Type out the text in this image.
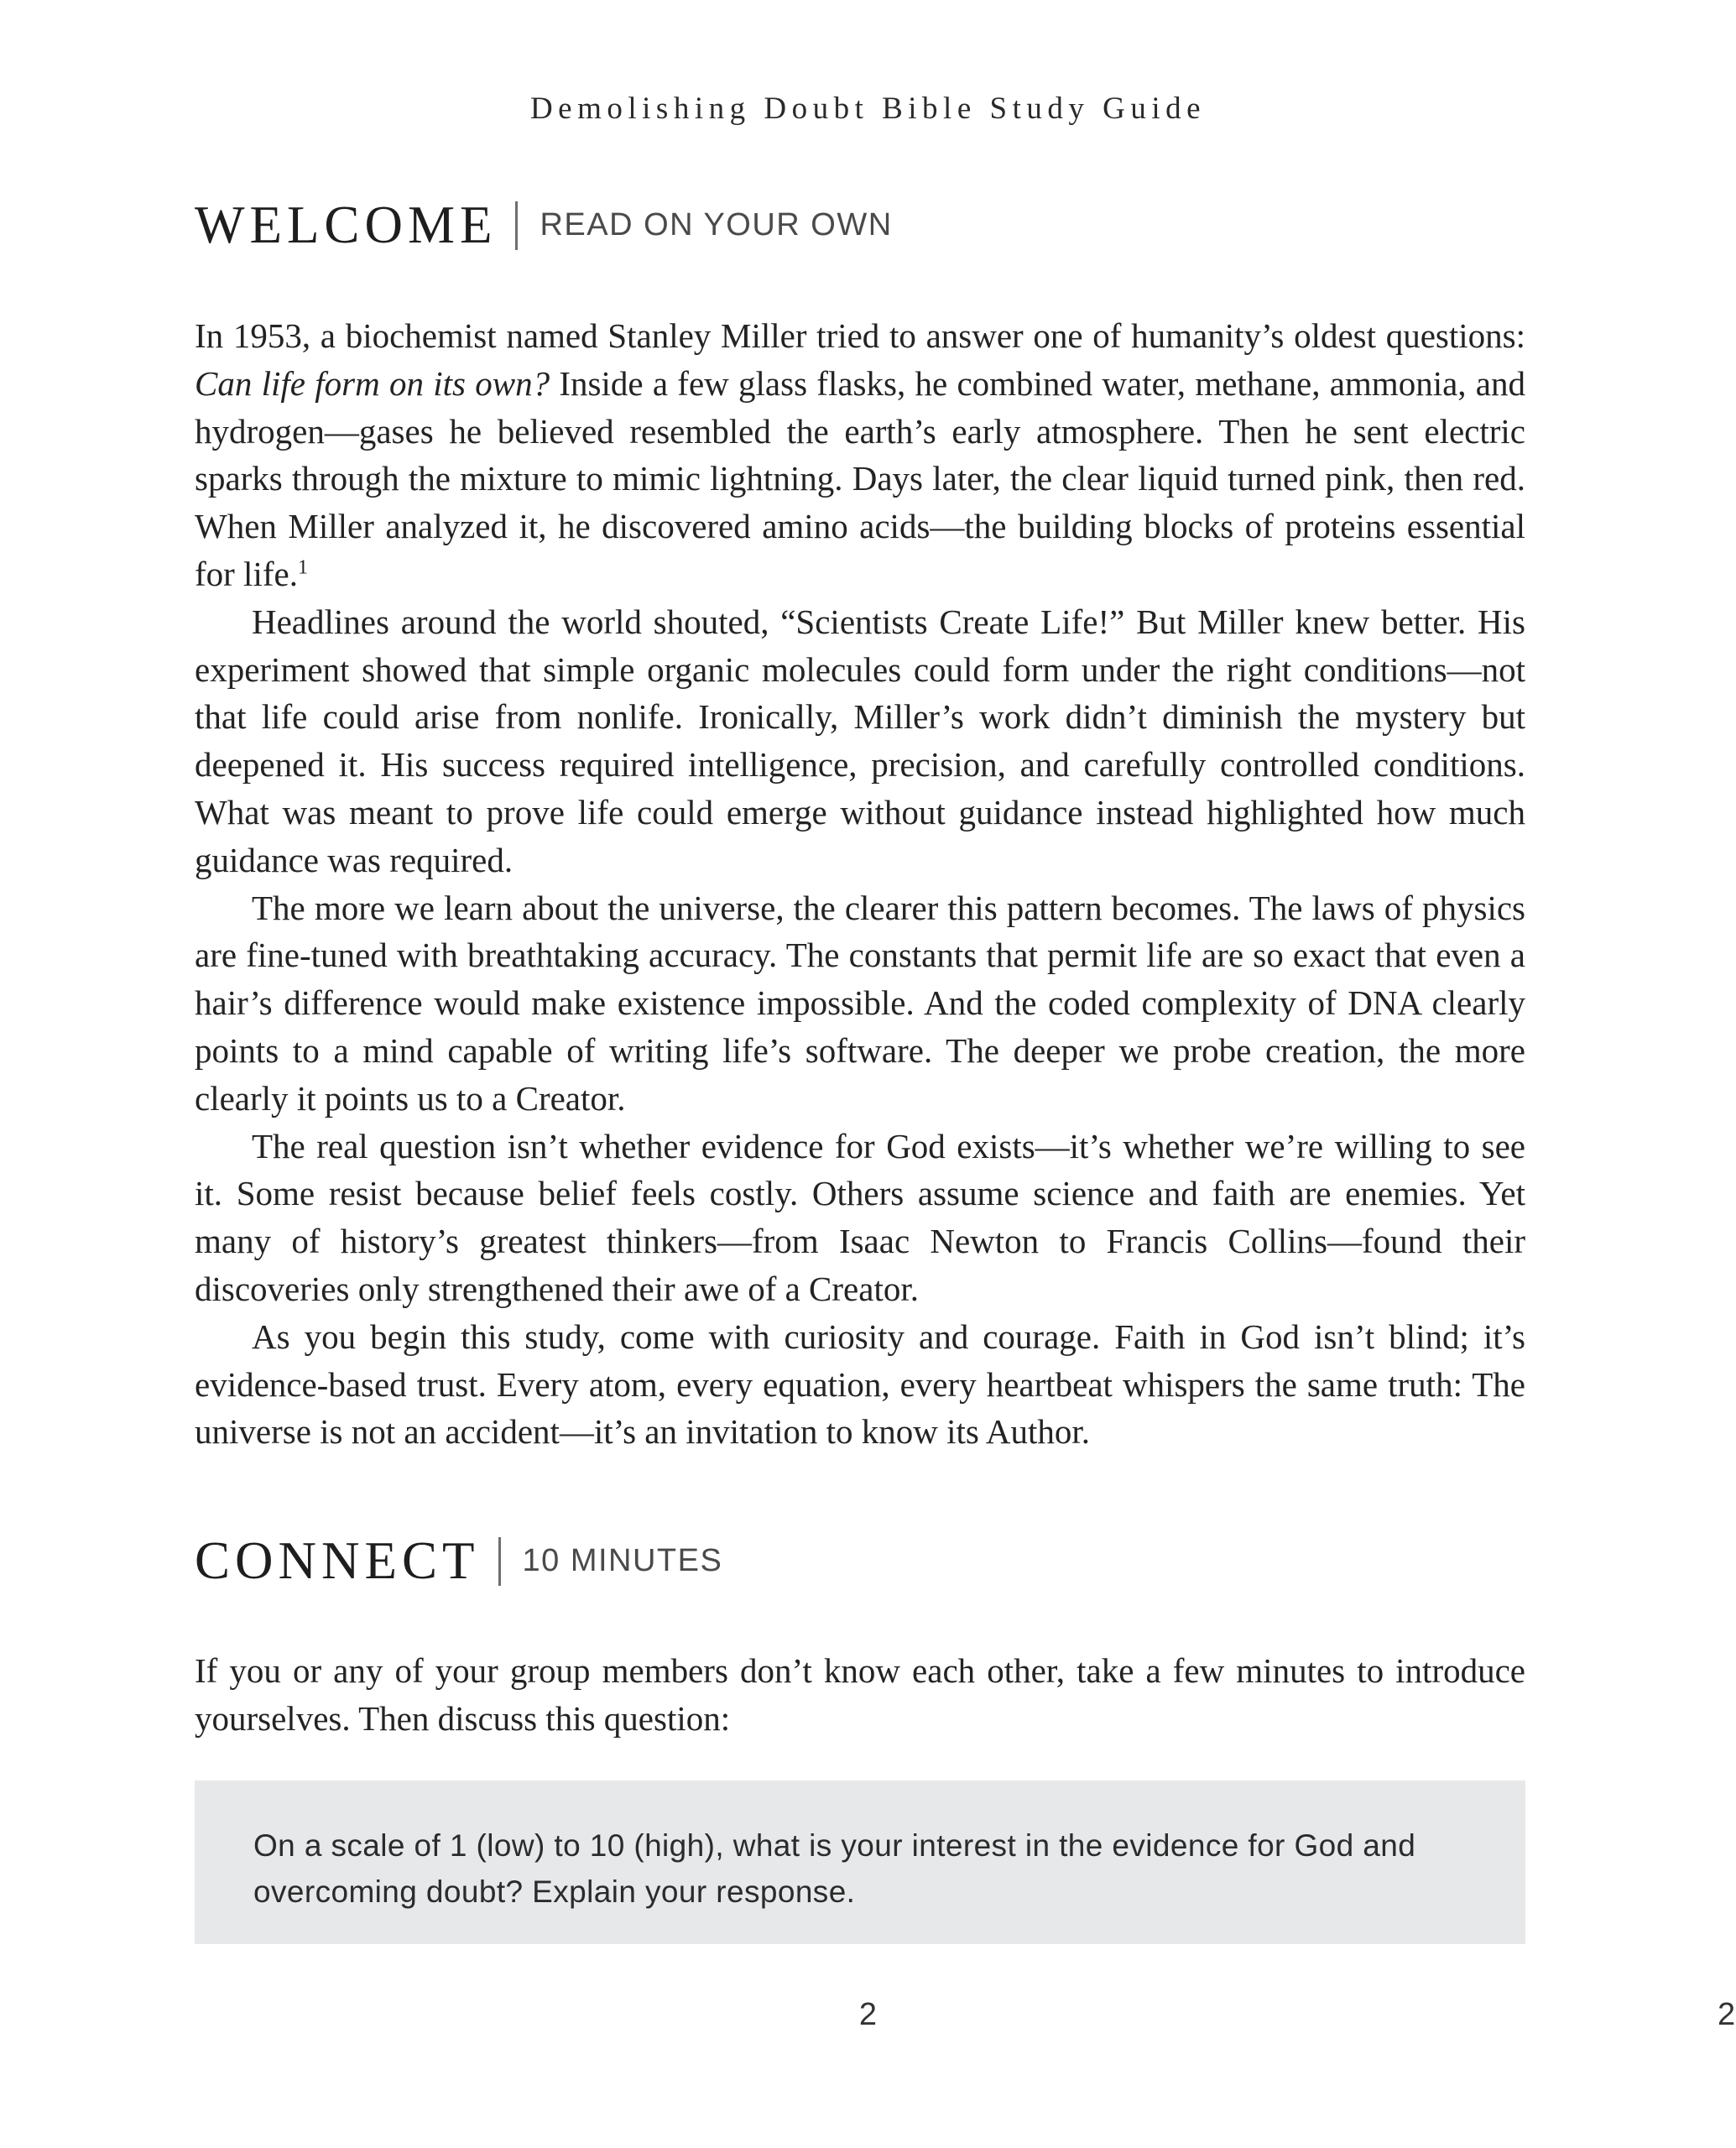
Demolishing Doubt Bible Study Guide
WELCOME READ ON YOUR OWN

In 1953, a biochemist named Stanley Miller tried to answer one of humanity’s oldest questions: Can life form on its own? Inside a few glass flasks, he combined water, methane, ammonia, and hydrogen—gases he believed resembled the earth’s early atmosphere. Then he sent electric sparks through the mixture to mimic lightning. Days later, the clear liquid turned pink, then red. When Miller analyzed it, he discovered amino acids—the building blocks of proteins essential for life.$^1$

Headlines around the world shouted, “Scientists Create Life!” But Miller knew better. His experiment showed that simple organic molecules could form under the right conditions—not that life could arise from nonlife. Ironically, Miller’s work didn’t diminish the mystery but deepened it. His success required intelligence, precision, and carefully controlled conditions. What was meant to prove life could emerge without guidance instead highlighted how much guidance was required.

The more we learn about the universe, the clearer this pattern becomes. The laws of physics are fine-tuned with breathtaking accuracy. The constants that permit life are so exact that even a hair’s difference would make existence impossible. And the coded complexity of DNA clearly points to a mind capable of writing life’s software. The deeper we probe creation, the more clearly it points us to a Creator.

The real question isn’t whether evidence for God exists—it’s whether we’re willing to see it. Some resist because belief feels costly. Others assume science and faith are enemies. Yet many of history’s greatest thinkers—from Isaac Newton to Francis Collins—found their discoveries only strengthened their awe of a Creator.

As you begin this study, come with curiosity and courage. Faith in God isn’t blind; it’s evidence-based trust. Every atom, every equation, every heartbeat whispers the same truth: The universe is not an accident—it’s an invitation to know its Author.

CONNECT 10 MINUTES

If you or any of your group members don’t know each other, take a few minutes to introduce yourselves. Then discuss this question:

On a scale of 1 (low) to 10 (high), what is your interest in the evidence for God and overcoming doubt? Explain your response.

2	2
